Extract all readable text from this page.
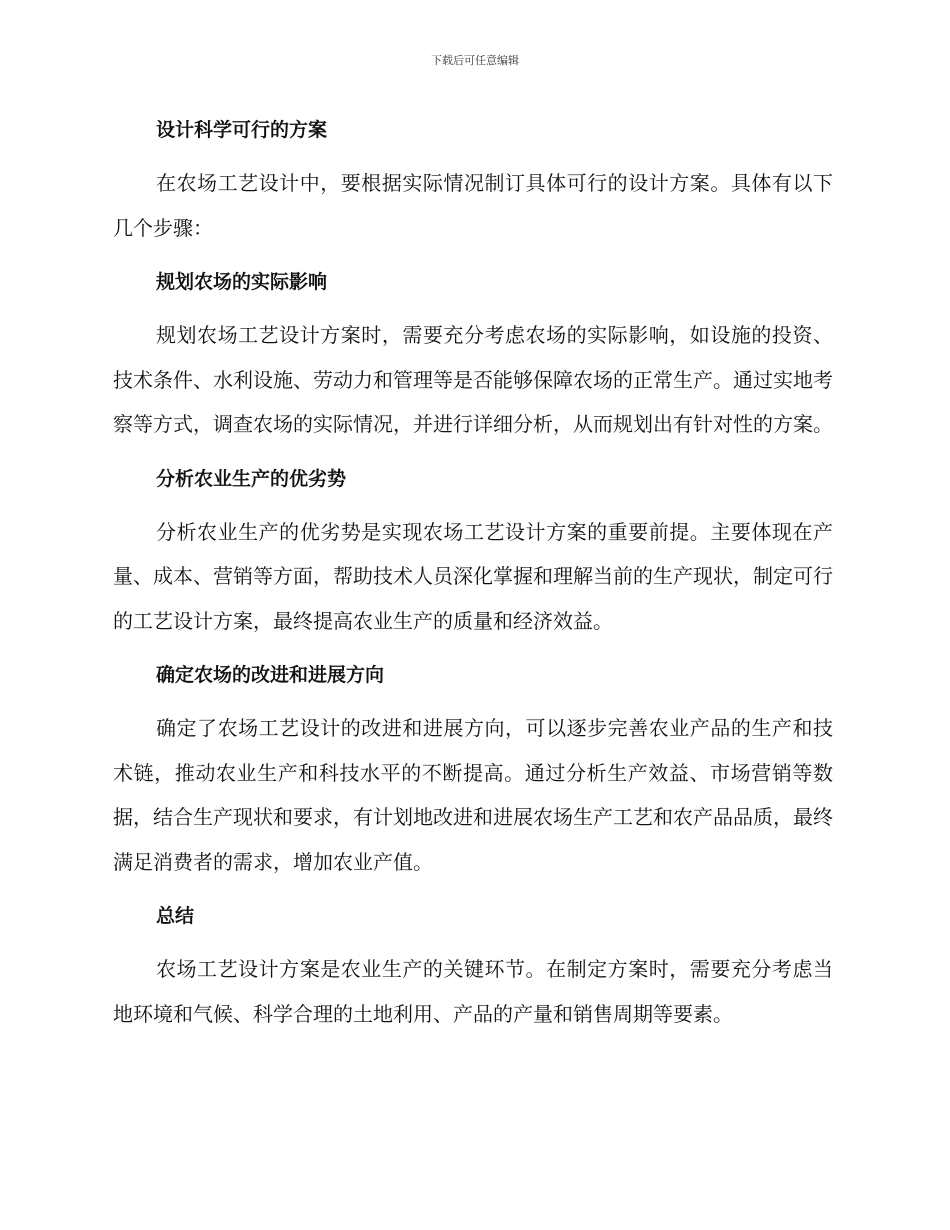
下载后可任意编辑
设计科学可行的方案

在农场工艺设计中，要根据实际情况制订具体可行的设计方案。具体有以下几个步骤：

规划农场的实际影响

规划农场工艺设计方案时，需要充分考虑农场的实际影响，如设施的投资、技术条件、水利设施、劳动力和管理等是否能够保障农场的正常生产。通过实地考察等方式，调查农场的实际情况，并进行详细分析，从而规划出有针对性的方案。

分析农业生产的优劣势

分析农业生产的优劣势是实现农场工艺设计方案的重要前提。主要体现在产量、成本、营销等方面，帮助技术人员深化掌握和理解当前的生产现状，制定可行的工艺设计方案，最终提高农业生产的质量和经济效益。

确定农场的改进和进展方向

确定了农场工艺设计的改进和进展方向，可以逐步完善农业产品的生产和技术链，推动农业生产和科技水平的不断提高。通过分析生产效益、市场营销等数据，结合生产现状和要求，有计划地改进和进展农场生产工艺和农产品品质，最终满足消费者的需求，增加农业产值。

总结

农场工艺设计方案是农业生产的关键环节。在制定方案时，需要充分考虑当地环境和气候、科学合理的土地利用、产品的产量和销售周期等要素。
